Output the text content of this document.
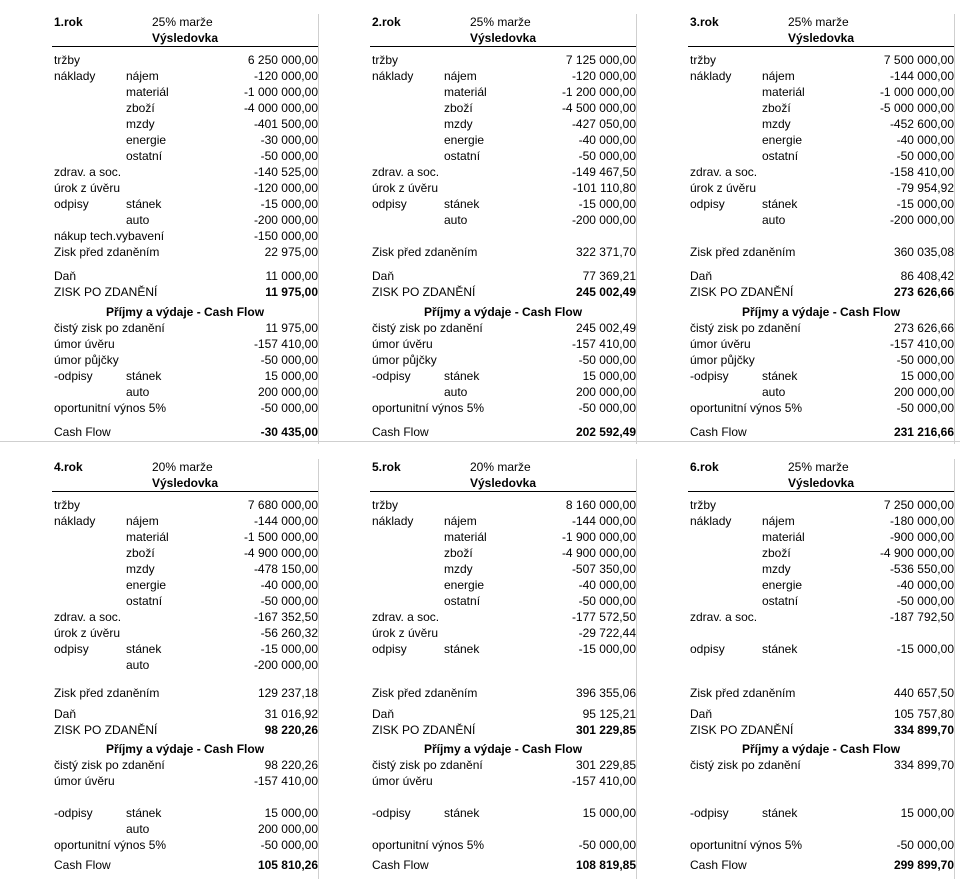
1.rok	25% marže
Výsledovka
tržby	6 250 000,00
náklady	nájem	-120 000,00
materiál	-1 000 000,00
zboží	-4 000 000,00
mzdy	-401 500,00
energie	-30 000,00
ostatní	-50 000,00
zdrav. a soc.	-140 525,00
úrok z úvěru	-120 000,00
odpisy	stánek	-15 000,00
auto	-200 000,00
nákup tech.vybavení	-150 000,00
Zisk před zdaněním	22 975,00
Daň	11 000,00
ZISK PO ZDANĚNÍ	11 975,00
Příjmy a výdaje - Cash Flow
čistý zisk po zdanění	11 975,00
úmor úvěru	-157 410,00
úmor půjčky	-50 000,00
-odpisy	stánek	15 000,00
auto	200 000,00
oportunitní výnos 5%	-50 000,00
Cash Flow	-30 435,00
2.rok	25% marže
Výsledovka
tržby	7 125 000,00
náklady	nájem	-120 000,00
materiál	-1 200 000,00
zboží	-4 500 000,00
mzdy	-427 050,00
energie	-40 000,00
ostatní	-50 000,00
zdrav. a soc.	-149 467,50
úrok z úvěru	-101 110,80
odpisy	stánek	-15 000,00
auto	-200 000,00
Zisk před zdaněním	322 371,70
Daň	77 369,21
ZISK PO ZDANĚNÍ	245 002,49
Příjmy a výdaje - Cash Flow
čistý zisk po zdanění	245 002,49
úmor úvěru	-157 410,00
úmor půjčky	-50 000,00
-odpisy	stánek	15 000,00
auto	200 000,00
oportunitní výnos 5%	-50 000,00
Cash Flow	202 592,49
3.rok	25% marže
Výsledovka
tržby	7 500 000,00
náklady	nájem	-144 000,00
materiál	-1 000 000,00
zboží	-5 000 000,00
mzdy	-452 600,00
energie	-40 000,00
ostatní	-50 000,00
zdrav. a soc.	-158 410,00
úrok z úvěru	-79 954,92
odpisy	stánek	-15 000,00
auto	-200 000,00
Zisk před zdaněním	360 035,08
Daň	86 408,42
ZISK PO ZDANĚNÍ	273 626,66
Příjmy a výdaje - Cash Flow
čistý zisk po zdanění	273 626,66
úmor úvěru	-157 410,00
úmor půjčky	-50 000,00
-odpisy	stánek	15 000,00
auto	200 000,00
oportunitní výnos 5%	-50 000,00
Cash Flow	231 216,66
4.rok	20% marže
Výsledovka
tržby	7 680 000,00
náklady	nájem	-144 000,00
materiál	-1 500 000,00
zboží	-4 900 000,00
mzdy	-478 150,00
energie	-40 000,00
ostatní	-50 000,00
zdrav. a soc.	-167 352,50
úrok z úvěru	-56 260,32
odpisy	stánek	-15 000,00
auto	-200 000,00
Zisk před zdaněním	129 237,18
Daň	31 016,92
ZISK PO ZDANĚNÍ	98 220,26
Příjmy a výdaje - Cash Flow
čistý zisk po zdanění	98 220,26
úmor úvěru	-157 410,00
-odpisy	stánek	15 000,00
auto	200 000,00
oportunitní výnos 5%	-50 000,00
Cash Flow	105 810,26
5.rok	20% marže
Výsledovka
tržby	8 160 000,00
náklady	nájem	-144 000,00
materiál	-1 900 000,00
zboží	-4 900 000,00
mzdy	-507 350,00
energie	-40 000,00
ostatní	-50 000,00
zdrav. a soc.	-177 572,50
úrok z úvěru	-29 722,44
odpisy	stánek	-15 000,00
Zisk před zdaněním	396 355,06
Daň	95 125,21
ZISK PO ZDANĚNÍ	301 229,85
Příjmy a výdaje - Cash Flow
čistý zisk po zdanění	301 229,85
úmor úvěru	-157 410,00
-odpisy	stánek	15 000,00
oportunitní výnos 5%	-50 000,00
Cash Flow	108 819,85
6.rok	25% marže
Výsledovka
tržby	7 250 000,00
náklady	nájem	-180 000,00
materiál	-900 000,00
zboží	-4 900 000,00
mzdy	-536 550,00
energie	-40 000,00
ostatní	-50 000,00
zdrav. a soc.	-187 792,50
odpisy	stánek	-15 000,00
Zisk před zdaněním	440 657,50
Daň	105 757,80
ZISK PO ZDANĚNÍ	334 899,70
Příjmy a výdaje - Cash Flow
čistý zisk po zdanění	334 899,70
-odpisy	stánek	15 000,00
oportunitní výnos 5%	-50 000,00
Cash Flow	299 899,70
